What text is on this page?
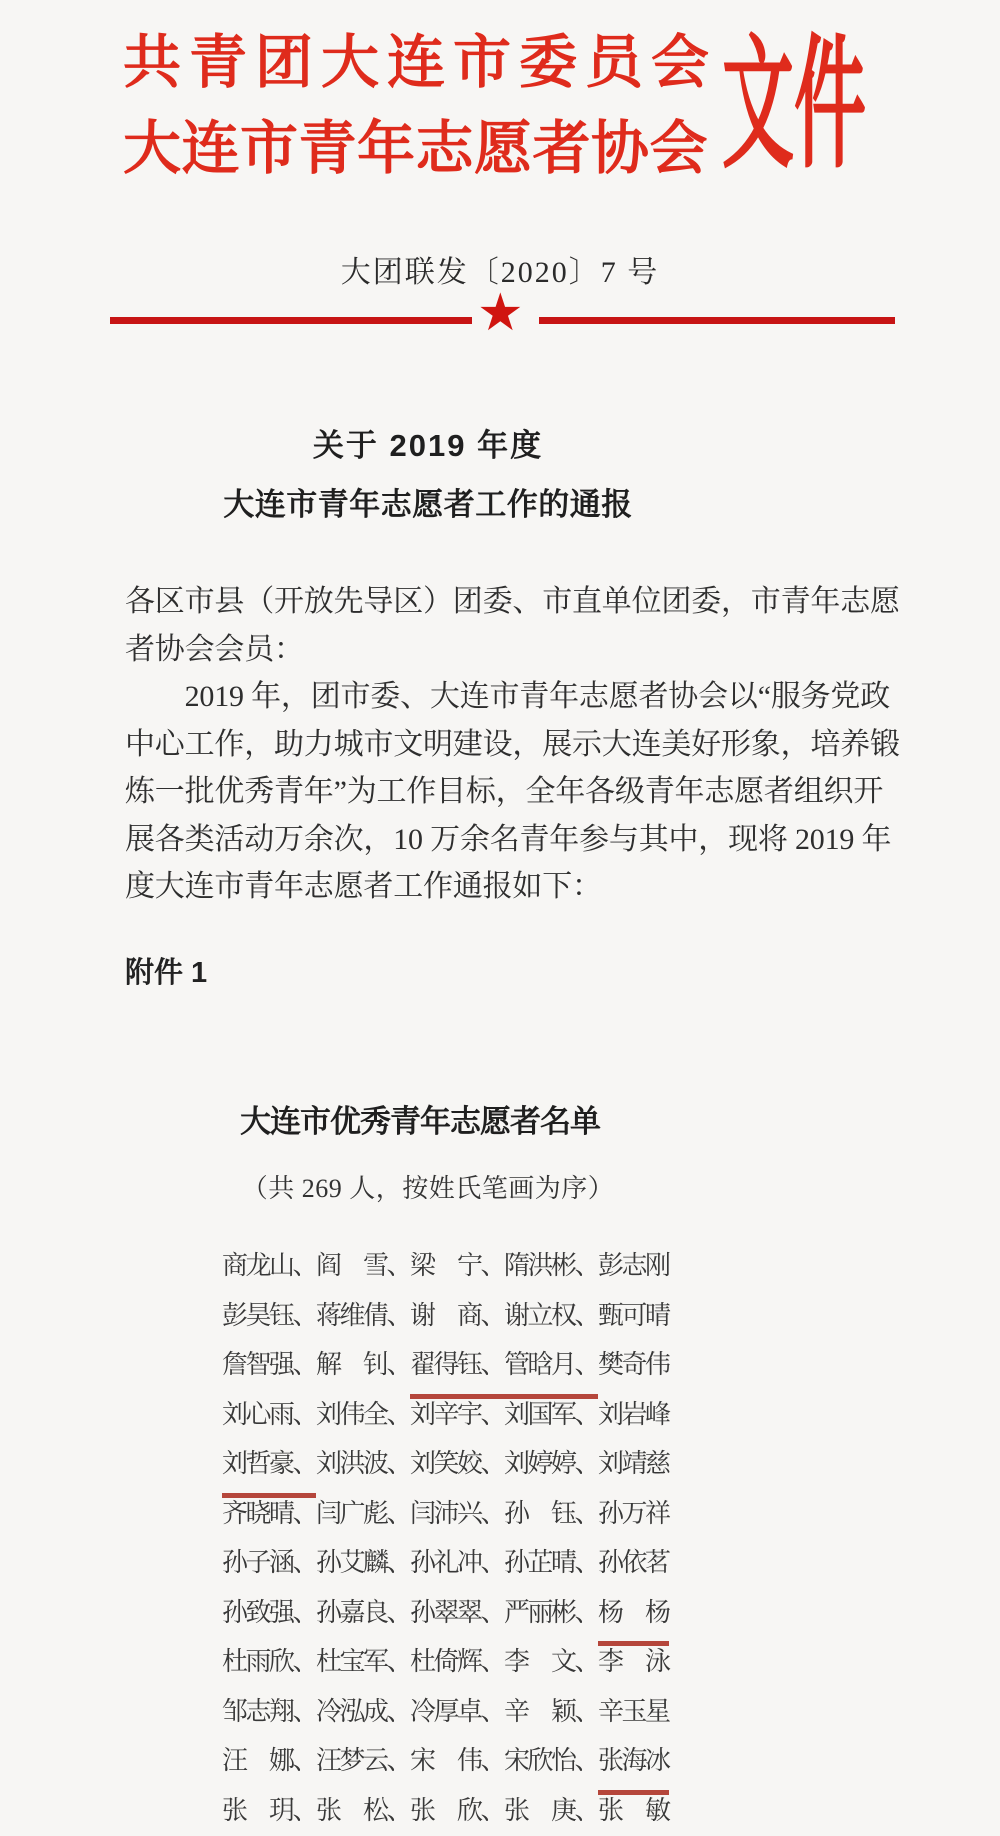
共青团大连市委员会
大连市青年志愿者协会 文件
大团联发〔2020〕7 号
★
关于 2019 年度
大连市青年志愿者工作的通报
各区市县（开放先导区）团委、市直单位团委，市青年志愿
者协会会员：
　　2019 年，团市委、大连市青年志愿者协会以“服务党政
中心工作，助力城市文明建设，展示大连美好形象，培养锻
炼一批优秀青年”为工作目标，全年各级青年志愿者组织开
展各类活动万余次，10 万余名青年参与其中，现将 2019 年
度大连市青年志愿者工作通报如下：
附件 1
大连市优秀青年志愿者名单
（共 269 人，按姓氏笔画为序）
商龙山、阎　雪、梁　宁、隋洪彬、彭志刚
彭昊钰、蒋维倩、谢　商、谢立权、甄可晴
詹智强、解　钊、翟得钰、管晗月、樊奇伟
刘心雨、刘伟全、刘辛宇、刘国军、刘岩峰
刘哲豪、刘洪波、刘笑姣、刘婷婷、刘靖慈
齐晓晴、闫广彪、闫沛兴、孙　钰、孙万祥
孙子涵、孙艾麟、孙礼冲、孙芷晴、孙依茗
孙致强、孙嘉良、孙翠翠、严丽彬、杨　杨
杜雨欣、杜宝军、杜倚辉、李　文、李　泳
邹志翔、冷泓成、冷厚卓、辛　颖、辛玉星
汪　娜、汪梦云、宋　伟、宋欣怡、张海冰
张　玥、张　松、张　欣、张　庚、张　敏
